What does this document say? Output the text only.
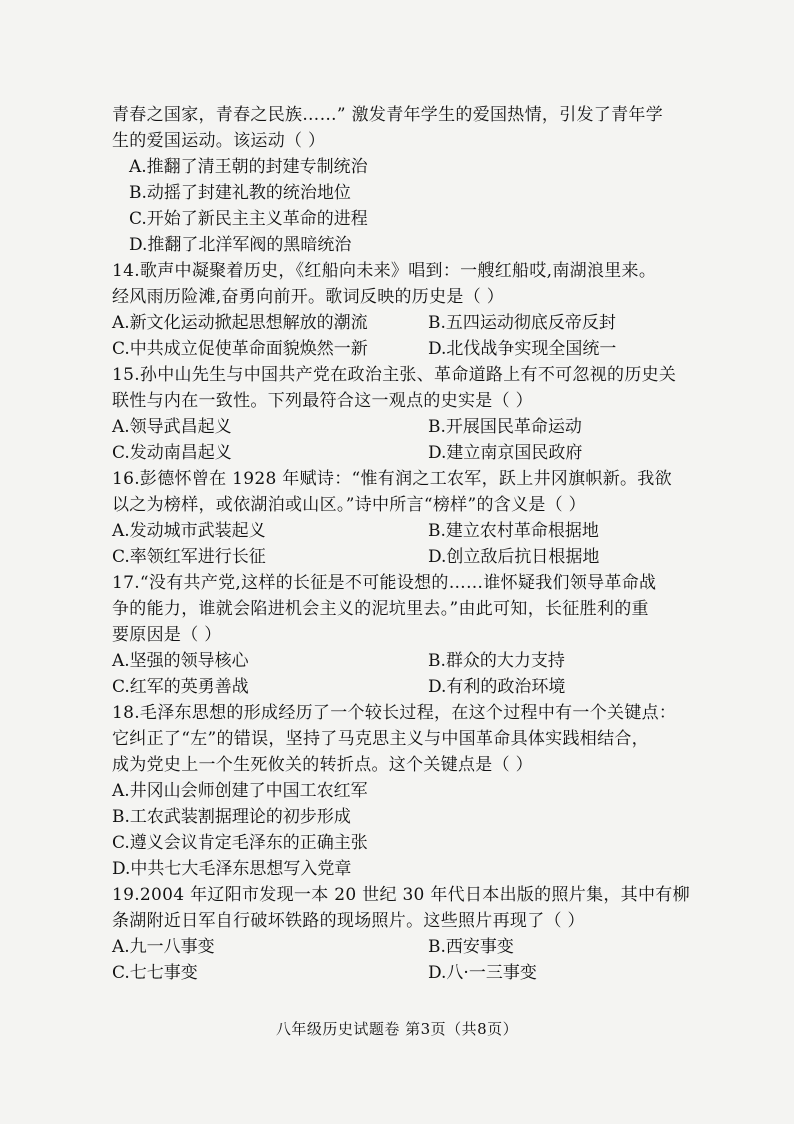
青春之国家，青春之民族……” 激发青年学生的爱国热情，引发了青年学
生的爱国运动。该运动（ ）
A.推翻了清王朝的封建专制统治
B.动摇了封建礼教的统治地位
C.开始了新民主主义革命的进程
D.推翻了北洋军阀的黑暗统治
14.歌声中凝聚着历史，《红船向未来》唱到：一艘红船哎,南湖浪里来。
经风雨历险滩,奋勇向前开。歌词反映的历史是（ ）
A.新文化运动掀起思想解放的潮流	B.五四运动彻底反帝反封
C.中共成立促使革命面貌焕然一新	D.北伐战争实现全国统一
15.孙中山先生与中国共产党在政治主张、革命道路上有不可忽视的历史关
联性与内在一致性。下列最符合这一观点的史实是（ ）
A.领导武昌起义	B.开展国民革命运动
C.发动南昌起义	D.建立南京国民政府
16.彭德怀曾在 1928 年赋诗：“惟有润之工农军，跃上井冈旗帜新。我欲
以之为榜样，或依湖泊或山区。”诗中所言“榜样”的含义是（ ）
A.发动城市武装起义	B.建立农村革命根据地
C.率领红军进行长征	D.创立敌后抗日根据地
17.“没有共产党,这样的长征是不可能设想的……谁怀疑我们领导革命战
争的能力，谁就会陷进机会主义的泥坑里去。”由此可知，长征胜利的重
要原因是（ ）
A.坚强的领导核心	B.群众的大力支持
C.红军的英勇善战	D.有利的政治环境
18.毛泽东思想的形成经历了一个较长过程，在这个过程中有一个关键点：
它纠正了“左”的错误，坚持了马克思主义与中国革命具体实践相结合，
成为党史上一个生死攸关的转折点。这个关键点是（ ）
A.井冈山会师创建了中国工农红军
B.工农武装割据理论的初步形成
C.遵义会议肯定毛泽东的正确主张
D.中共七大毛泽东思想写入党章
19.2004 年辽阳市发现一本 20 世纪 30 年代日本出版的照片集，其中有柳
条湖附近日军自行破坏铁路的现场照片。这些照片再现了（ ）
A.九一八事变	B.西安事变
C.七七事变	D.八·一三事变
八年级历史试题卷 第3页（共8页）
